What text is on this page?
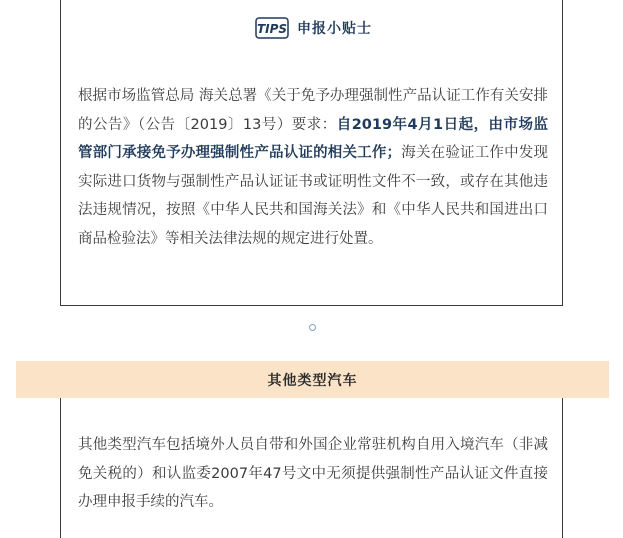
TIPS 申报小贴士
根据市场监管总局 海关总署《关于免予办理强制性产品认证工作有关安排的公告》（公告〔2019〕13号）要求：自2019年4月1日起，由市场监管部门承接免予办理强制性产品认证的相关工作；海关在验证工作中发现实际进口货物与强制性产品认证证书或证明性文件不一致，或存在其他违法违规情况，按照《中华人民共和国海关法》和《中华人民共和国进出口商品检验法》等相关法律法规的规定进行处置。
其他类型汽车
其他类型汽车包括境外人员自带和外国企业常驻机构自用入境汽车（非减免关税的）和认监委2007年47号文中无须提供强制性产品认证文件直接办理申报手续的汽车。
